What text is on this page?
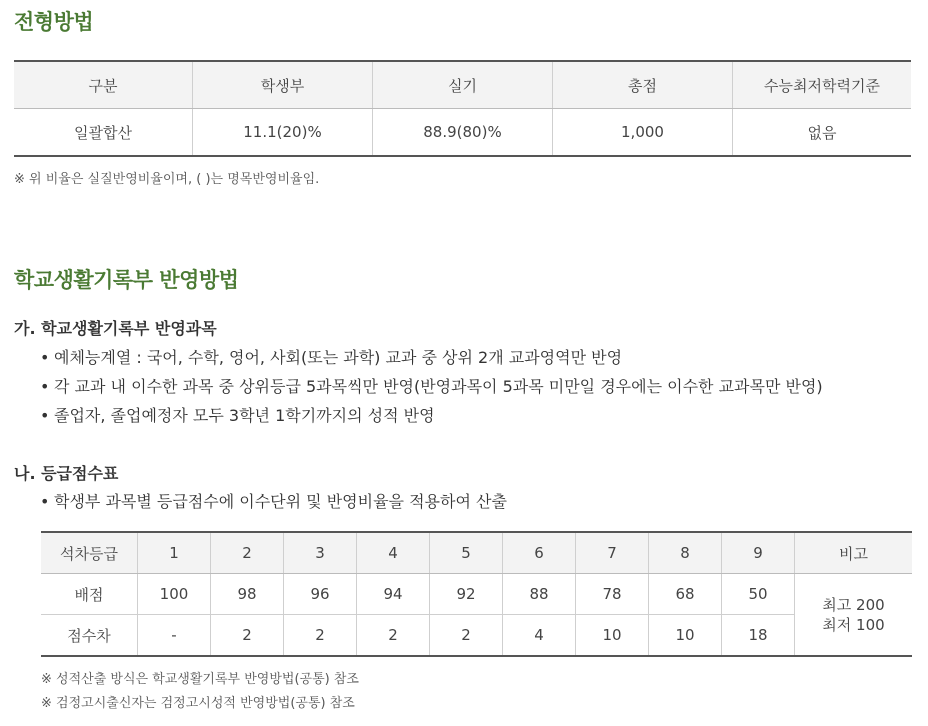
전형방법
구분	학생부	실기	총점	수능최저학력기준
일괄합산	11.1(20)%	88.9(80)%	1,000	없음
※ 위 비율은 실질반영비율이며, ( )는 명목반영비율임.
학교생활기록부 반영방법
가. 학교생활기록부 반영과목
• 예체능계열 : 국어, 수학, 영어, 사회(또는 과학) 교과 중 상위 2개 교과영역만 반영
• 각 교과 내 이수한 과목 중 상위등급 5과목씩만 반영(반영과목이 5과목 미만일 경우에는 이수한 교과목만 반영)
• 졸업자, 졸업예정자 모두 3학년 1학기까지의 성적 반영
나. 등급점수표
• 학생부 과목별 등급점수에 이수단위 및 반영비율을 적용하여 산출
석차등급	1	2	3	4	5	6	7	8	9	비고
배점	100	98	96	94	92	88	78	68	50	최고 200
최저 100

점수차	-	2	2	2	2	4	10	10	18	
※ 성적산출 방식은 학교생활기록부 반영방법(공통) 참조
※ 검정고시출신자는 검정고시성적 반영방법(공통) 참조
